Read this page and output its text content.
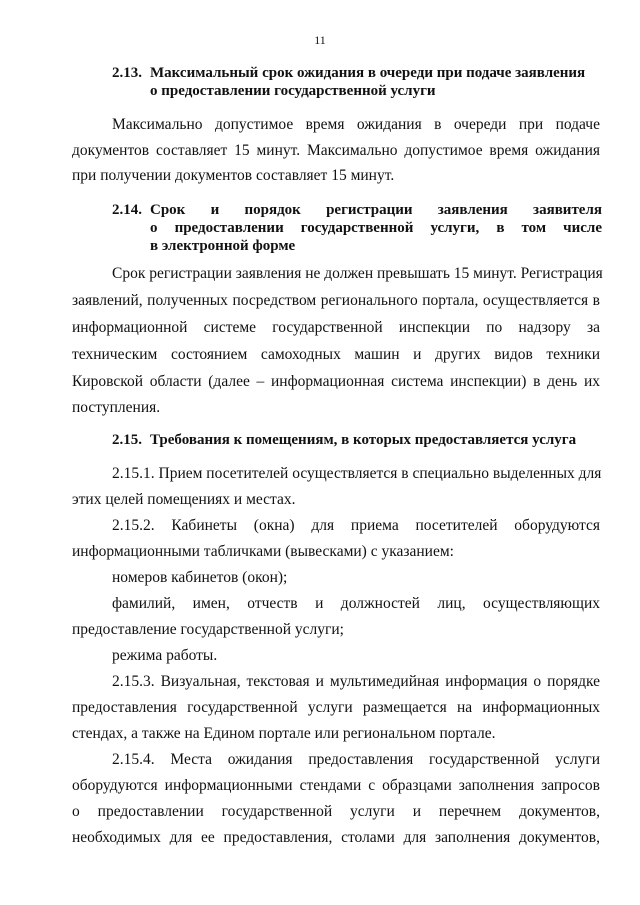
11
2.13. Максимальный срок ожидания в очереди при подаче заявления
о предоставлении государственной услуги
Максимально допустимое время ожидания в очереди при подаче
документов составляет 15 минут. Максимально допустимое время ожидания
при получении документов составляет 15 минут.
2.14. Срок и порядок регистрации заявления заявителя
о предоставлении государственной услуги, в том числе
в электронной форме
Срок регистрации заявления не должен превышать 15 минут. Регистрация
заявлений, полученных посредством регионального портала, осуществляется в
информационной системе государственной инспекции по надзору за
техническим состоянием самоходных машин и других видов техники
Кировской области (далее – информационная система инспекции) в день их
поступления.
2.15. Требования к помещениям, в которых предоставляется услуга
2.15.1. Прием посетителей осуществляется в специально выделенных для
этих целей помещениях и местах.
2.15.2. Кабинеты (окна) для приема посетителей оборудуются
информационными табличками (вывесками) с указанием:
номеров кабинетов (окон);
фамилий, имен, отчеств и должностей лиц, осуществляющих
предоставление государственной услуги;
режима работы.
2.15.3. Визуальная, текстовая и мультимедийная информация о порядке
предоставления государственной услуги размещается на информационных
стендах, а также на Едином портале или региональном портале.
2.15.4. Места ожидания предоставления государственной услуги
оборудуются информационными стендами с образцами заполнения запросов
о предоставлении государственной услуги и перечнем документов,
необходимых для ее предоставления, столами для заполнения документов,
